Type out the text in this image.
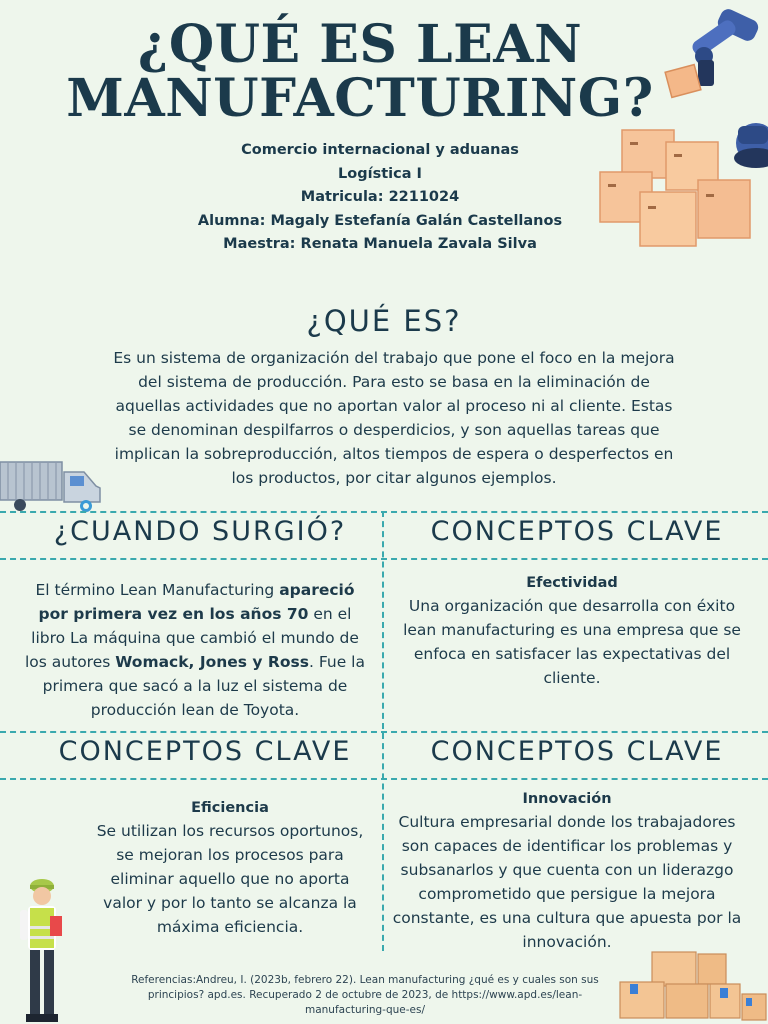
¿QUÉ ES LEAN
MANUFACTURING?
Comercio internacional y aduanas
Logística I
Matricula: 2211024
Alumna: Magaly Estefanía Galán Castellanos
Maestra: Renata Manuela Zavala Silva
¿QUÉ ES?

Es un sistema de organización del trabajo que pone el foco en la mejora del sistema de producción. Para esto se basa en la eliminación de aquellas actividades que no aportan valor al proceso ni al cliente. Estas se denominan despilfarros o desperdicios, y son aquellas tareas que implican la sobreproducción, altos tiempos de espera o desperfectos en los productos, por citar algunos ejemplos.

¿CUANDO SURGIÓ?	CONCEPTOS CLAVE
CONCEPTOS CLAVE	CONCEPTOS CLAVE

El término Lean Manufacturing apareció por primera vez en los años 70 en el libro La máquina que cambió el mundo de los autores Womack, Jones y Ross. Fue la primera que sacó a la luz el sistema de producción lean de Toyota.

Efectividad
Una organización que desarrolla con éxito lean manufacturing es una empresa que se enfoca en satisfacer las expectativas del cliente.
Eficiencia
Se utilizan los recursos oportunos, se mejoran los procesos para eliminar aquello que no aporta valor y por lo tanto se alcanza la máxima eficiencia.
Innovación
Cultura empresarial donde los trabajadores son capaces de identificar los problemas y subsanarlos y que cuenta con un liderazgo comprometido que persigue la mejora constante, es una cultura que apuesta por la innovación.
Referencias:Andreu, I. (2023b, febrero 22). Lean manufacturing ¿qué es y cuales son sus principios? apd.es. Recuperado 2 de octubre de 2023, de https://www.apd.es/lean-manufacturing-que-es/
